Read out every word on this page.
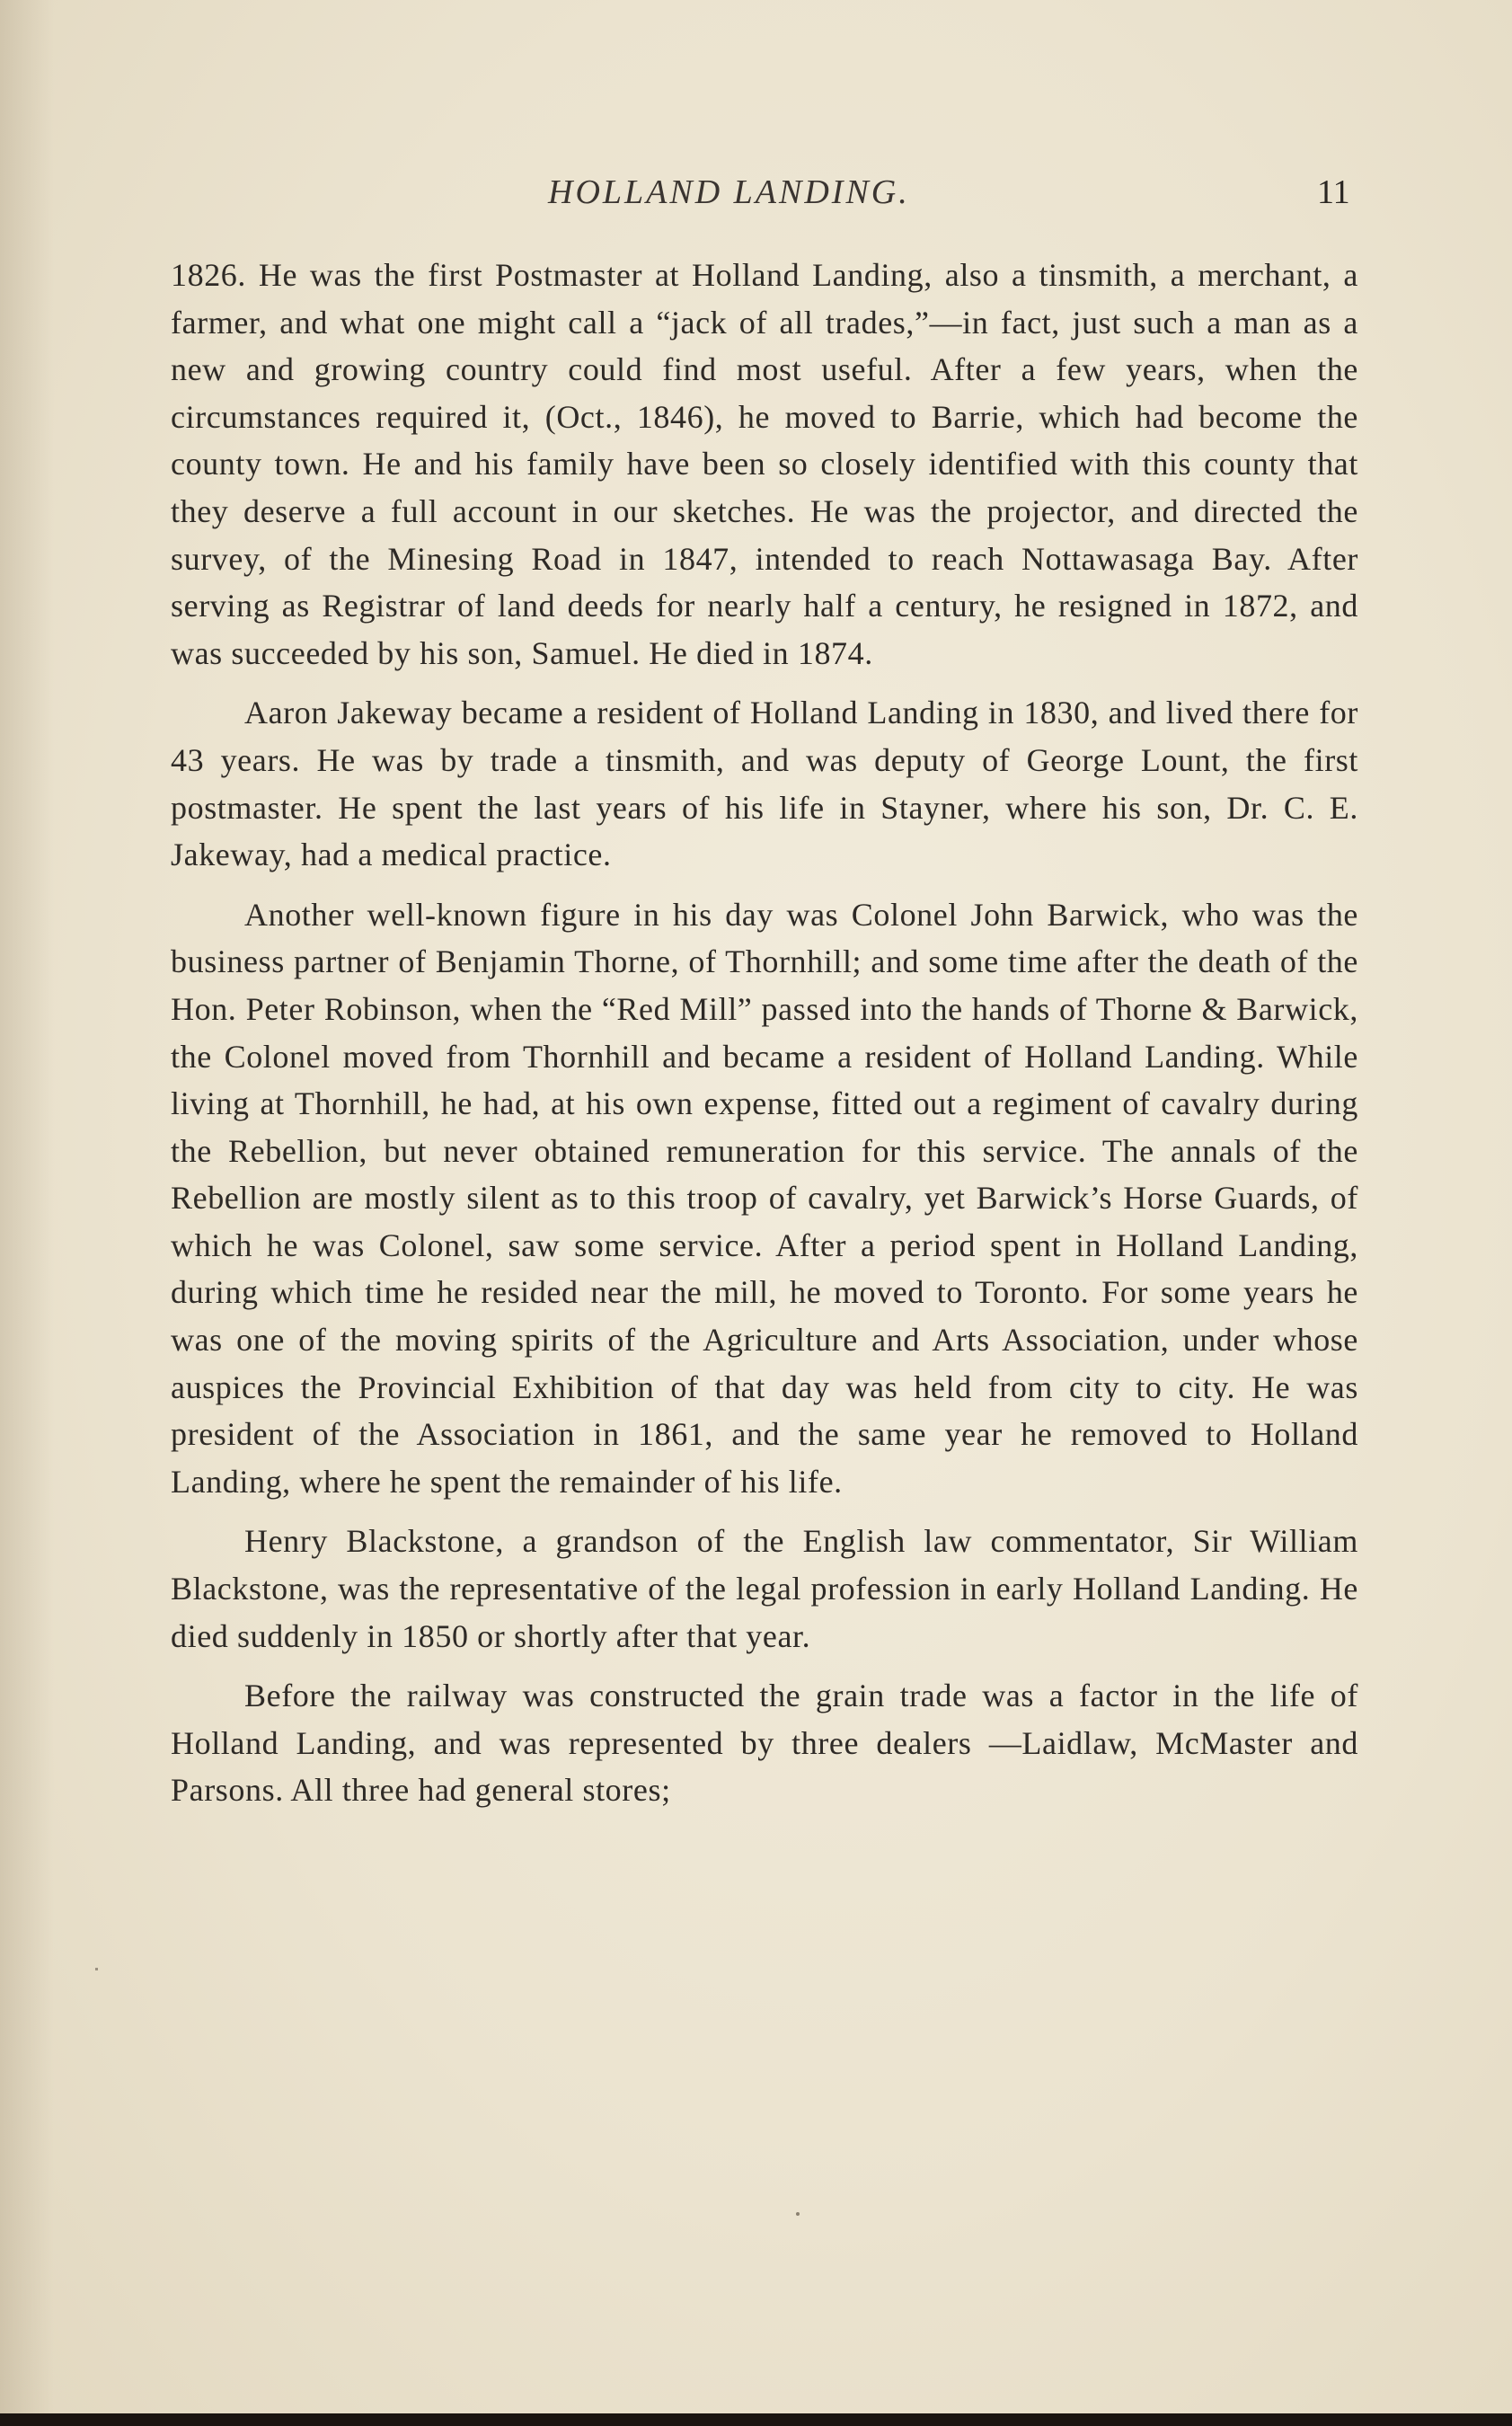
HOLLAND LANDING.	11

1826. He was the first Postmaster at Holland Landing, also a tinsmith, a merchant, a farmer, and what one might call a “jack of all trades,”—in fact, just such a man as a new and growing country could find most useful. After a few years, when the circumstances required it, (Oct., 1846), he moved to Barrie, which had become the county town. He and his family have been so closely identified with this county that they deserve a full account in our sketches. He was the projector, and directed the survey, of the Minesing Road in 1847, intended to reach Nottawasaga Bay. After serving as Registrar of land deeds for nearly half a century, he resigned in 1872, and was succeeded by his son, Samuel. He died in 1874.

Aaron Jakeway became a resident of Holland Landing in 1830, and lived there for 43 years. He was by trade a tinsmith, and was deputy of George Lount, the first postmaster. He spent the last years of his life in Stayner, where his son, Dr. C. E. Jakeway, had a medical practice.

Another well-known figure in his day was Colonel John Barwick, who was the business partner of Benjamin Thorne, of Thornhill; and some time after the death of the Hon. Peter Robinson, when the “Red Mill” passed into the hands of Thorne & Barwick, the Colonel moved from Thornhill and became a resident of Holland Landing. While living at Thornhill, he had, at his own expense, fitted out a regiment of cavalry during the Rebellion, but never obtained remuneration for this service. The annals of the Rebellion are mostly silent as to this troop of cavalry, yet Barwick’s Horse Guards, of which he was Colonel, saw some service. After a period spent in Holland Landing, during which time he resided near the mill, he moved to Toronto. For some years he was one of the moving spirits of the Agriculture and Arts Association, under whose auspices the Provincial Exhibition of that day was held from city to city. He was president of the Association in 1861, and the same year he removed to Holland Landing, where he spent the remainder of his life.

Henry Blackstone, a grandson of the English law commentator, Sir William Blackstone, was the representative of the legal profession in early Holland Landing. He died suddenly in 1850 or shortly after that year.

Before the railway was constructed the grain trade was a factor in the life of Holland Landing, and was represented by three dealers —Laidlaw, McMaster and Parsons. All three had general stores;
